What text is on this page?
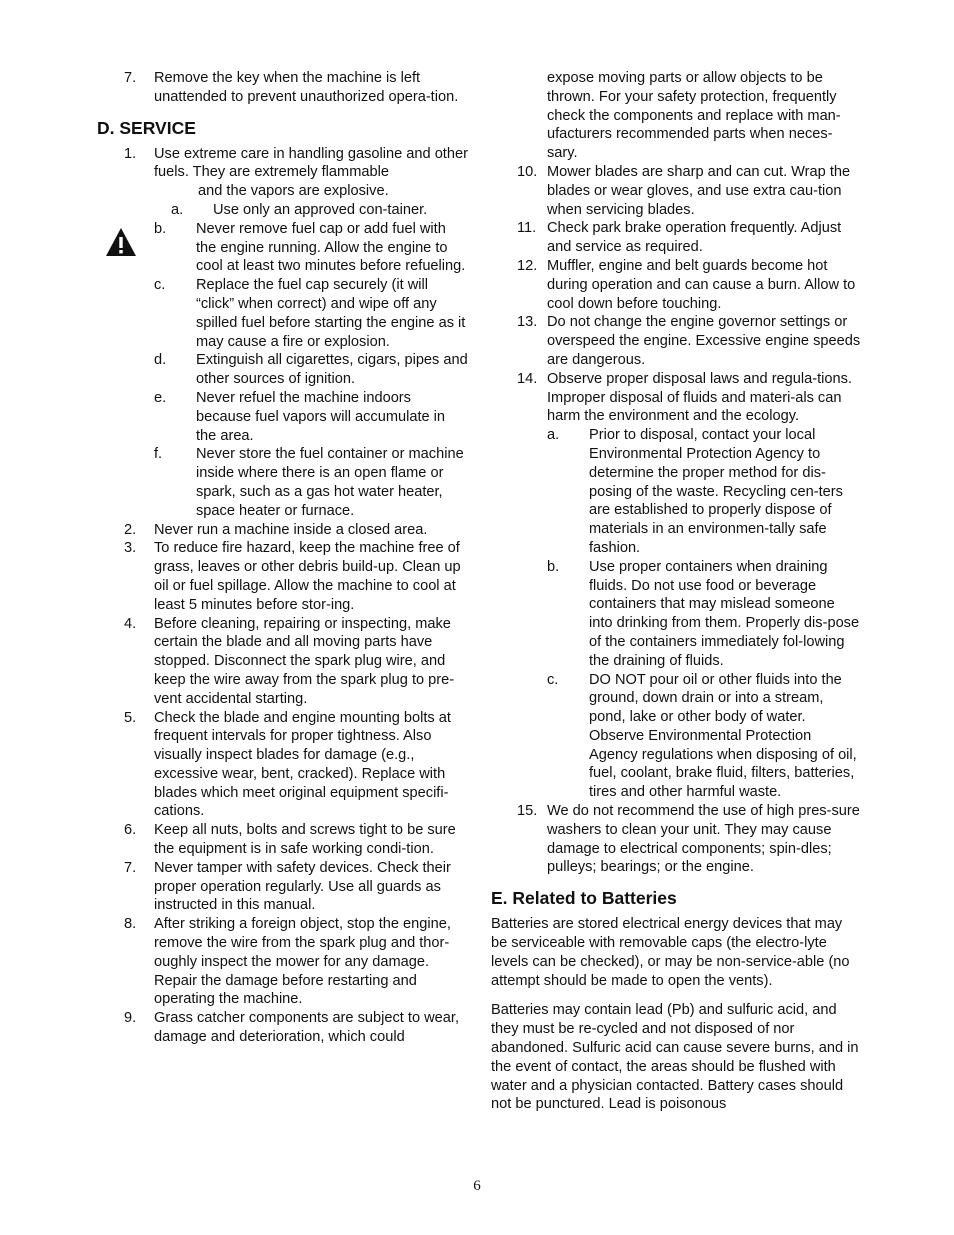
7.	Remove the key when the machine is left unattended to prevent unauthorized opera-tion.
D. SERVICE
1.	Use extreme care in handling gasoline and other fuels. They are extremely flammable
and the vapors are explosive.
a.	Use only an approved con-tainer.
b.	Never remove fuel cap or add fuel with the engine running. Allow the engine to cool at least two minutes before refueling.
c.	Replace the fuel cap securely (it will “click” when correct) and wipe off any spilled fuel before starting the engine as it may cause a fire or explosion.
d.	Extinguish all cigarettes, cigars, pipes and other sources of ignition.
e.	Never refuel the machine indoors because fuel vapors will accumulate in the area.
f.	Never store the fuel container or machine inside where there is an open flame or spark, such as a gas hot water heater, space heater or furnace.
2.	Never run a machine inside a closed area.
3.	To reduce fire hazard, keep the machine free of grass, leaves or other debris build-up. Clean up oil or fuel spillage. Allow the machine to cool at least 5 minutes before stor-ing.
4.	Before cleaning, repairing or inspecting, make certain the blade and all moving parts have stopped. Disconnect the spark plug wire, and keep the wire away from the spark plug to pre-vent accidental starting.
5.	Check the blade and engine mounting bolts at frequent intervals for proper tightness. Also visually inspect blades for damage (e.g., excessive wear, bent, cracked). Replace with blades which meet original equipment specifi-cations.
6.	Keep all nuts, bolts and screws tight to be sure the equipment is in safe working condi-tion.
7.	Never tamper with safety devices. Check their proper operation regularly. Use all guards as instructed in this manual.
8.	After striking a foreign object, stop the engine, remove the wire from the spark plug and thor-oughly inspect the mower for any damage. Repair the damage before restarting and operating the machine.
9.	Grass catcher components are subject to wear, damage and deterioration, which could
expose moving parts or allow objects to be thrown. For your safety protection, frequently check the components and replace with man-ufacturers recommended parts when neces-sary.
10. Mower blades are sharp and can cut. Wrap the blades or wear gloves, and use extra cau-tion when servicing blades.
11. Check park brake operation frequently. Adjust and service as required.
12. Muffler, engine and belt guards become hot during operation and can cause a burn. Allow to cool down before touching.
13. Do not change the engine governor settings or overspeed the engine. Excessive engine speeds are dangerous.
14. Observe proper disposal laws and regula-tions. Improper disposal of fluids and materi-als can harm the environment and the ecology.
a.	Prior to disposal, contact your local Environmental Protection Agency to determine the proper method for dis-posing of the waste. Recycling cen-ters are established to properly dispose of materials in an environmen-tally safe fashion.
b.	Use proper containers when draining fluids. Do not use food or beverage containers that may mislead someone into drinking from them. Properly dis-pose of the containers immediately fol-lowing the draining of fluids.
c.	DO NOT pour oil or other fluids into the ground, down drain or into a stream, pond, lake or other body of water. Observe Environmental Protection Agency regulations when disposing of oil, fuel, coolant, brake fluid, filters, batteries, tires and other harmful waste.
15. We do not recommend the use of high pres-sure washers to clean your unit. They may cause damage to electrical components; spin-dles; pulleys; bearings; or the engine.
E. Related to Batteries
Batteries are stored electrical energy devices that may be serviceable with removable caps (the electro-lyte levels can be checked), or may be non-service-able (no attempt should be made to open the vents).
Batteries may contain lead (Pb) and sulfuric acid, and they must be re-cycled and not disposed of nor abandoned. Sulfuric acid can cause severe burns, and in the event of contact, the areas should be flushed with water and a physician contacted. Battery cases should not be punctured. Lead is poisonous
6
